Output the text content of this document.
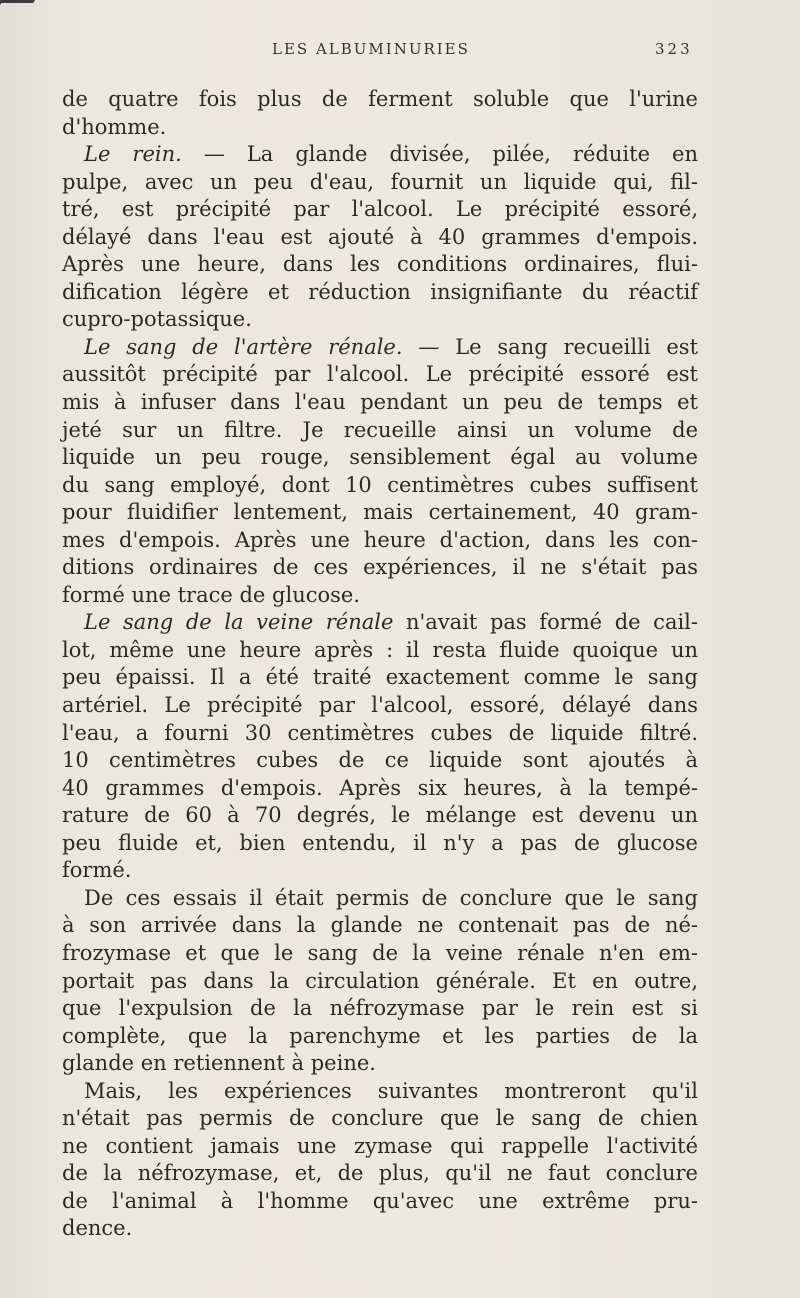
LES ALBUMINURIES	323
de quatre fois plus de ferment soluble que l'urine
d'homme.
Le rein. — La glande divisée, pilée, réduite en
pulpe, avec un peu d'eau, fournit un liquide qui, fil-
tré, est précipité par l'alcool. Le précipité essoré,
délayé dans l'eau est ajouté à 40 grammes d'empois.
Après une heure, dans les conditions ordinaires, flui-
dification légère et réduction insignifiante du réactif
cupro-potassique.
Le sang de l'artère rénale. — Le sang recueilli est
aussitôt précipité par l'alcool. Le précipité essoré est
mis à infuser dans l'eau pendant un peu de temps et
jeté sur un filtre. Je recueille ainsi un volume de
liquide un peu rouge, sensiblement égal au volume
du sang employé, dont 10 centimètres cubes suffisent
pour fluidifier lentement, mais certainement, 40 gram-
mes d'empois. Après une heure d'action, dans les con-
ditions ordinaires de ces expériences, il ne s'était pas
formé une trace de glucose.
Le sang de la veine rénale n'avait pas formé de cail-
lot, même une heure après : il resta fluide quoique un
peu épaissi. Il a été traité exactement comme le sang
artériel. Le précipité par l'alcool, essoré, délayé dans
l'eau, a fourni 30 centimètres cubes de liquide filtré.
10 centimètres cubes de ce liquide sont ajoutés à
40 grammes d'empois. Après six heures, à la tempé-
rature de 60 à 70 degrés, le mélange est devenu un
peu fluide et, bien entendu, il n'y a pas de glucose
formé.
De ces essais il était permis de conclure que le sang
à son arrivée dans la glande ne contenait pas de né-
frozymase et que le sang de la veine rénale n'en em-
portait pas dans la circulation générale. Et en outre,
que l'expulsion de la néfrozymase par le rein est si
complète, que la parenchyme et les parties de la
glande en retiennent à peine.
Mais, les expériences suivantes montreront qu'il
n'était pas permis de conclure que le sang de chien
ne contient jamais une zymase qui rappelle l'activité
de la néfrozymase, et, de plus, qu'il ne faut conclure
de l'animal à l'homme qu'avec une extrême pru-
dence.
